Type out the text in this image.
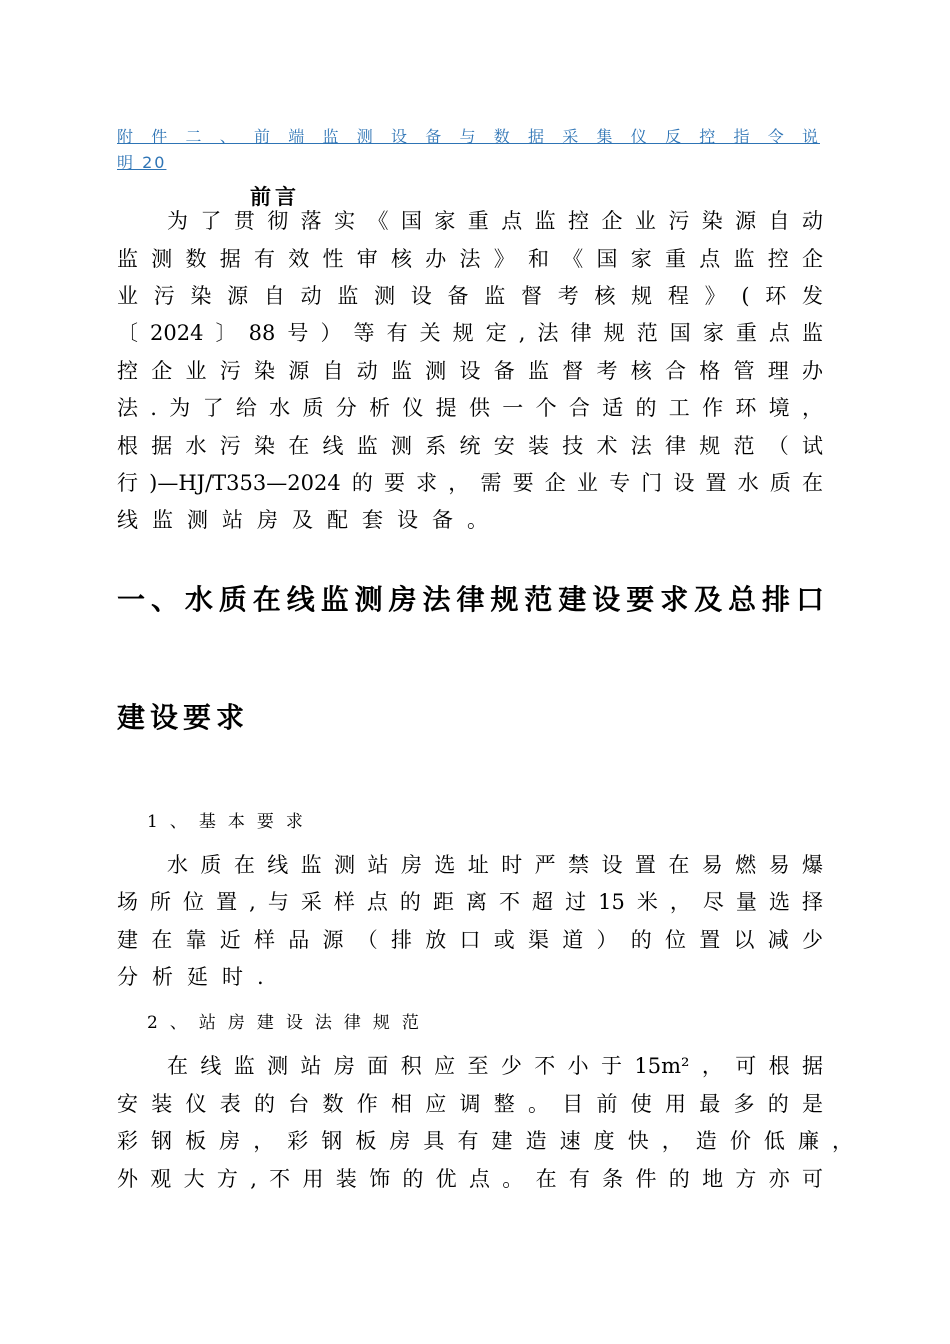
附件二、前端监测设备与数据采集仪反控指令说
明 20
前言
为了贯彻落实《国家重点监控企业污染源自动
监测数据有效性审核办法》和《国家重点监控企
业污染源自动监测设备监督考核规程》(环发
〔2024〕88号）等有关规定,法律规范国家重点监
控企业污染源自动监测设备监督考核合格管理办
法.为了给水质分析仪提供一个合适的工作环境，
根据水污染在线监测系统安装技术法律规范（试
行)—HJ/T353—2024的要求，需要企业专门设置水质在
线监测站房及配套设备。
一、水质在线监测房法律规范建设要求及总排口
建设要求
1、基本要求
水质在线监测站房选址时严禁设置在易燃易爆
场所位置,与采样点的距离不超过15米，尽量选择
建在靠近样品源（排放口或渠道）的位置以减少
分析延时.
2、站房建设法律规范
在线监测站房面积应至少不小于15m²，可根据
安装仪表的台数作相应调整。目前使用最多的是
彩钢板房，彩钢板房具有建造速度快，造价低廉，
外观大方,不用装饰的优点。在有条件的地方亦可
